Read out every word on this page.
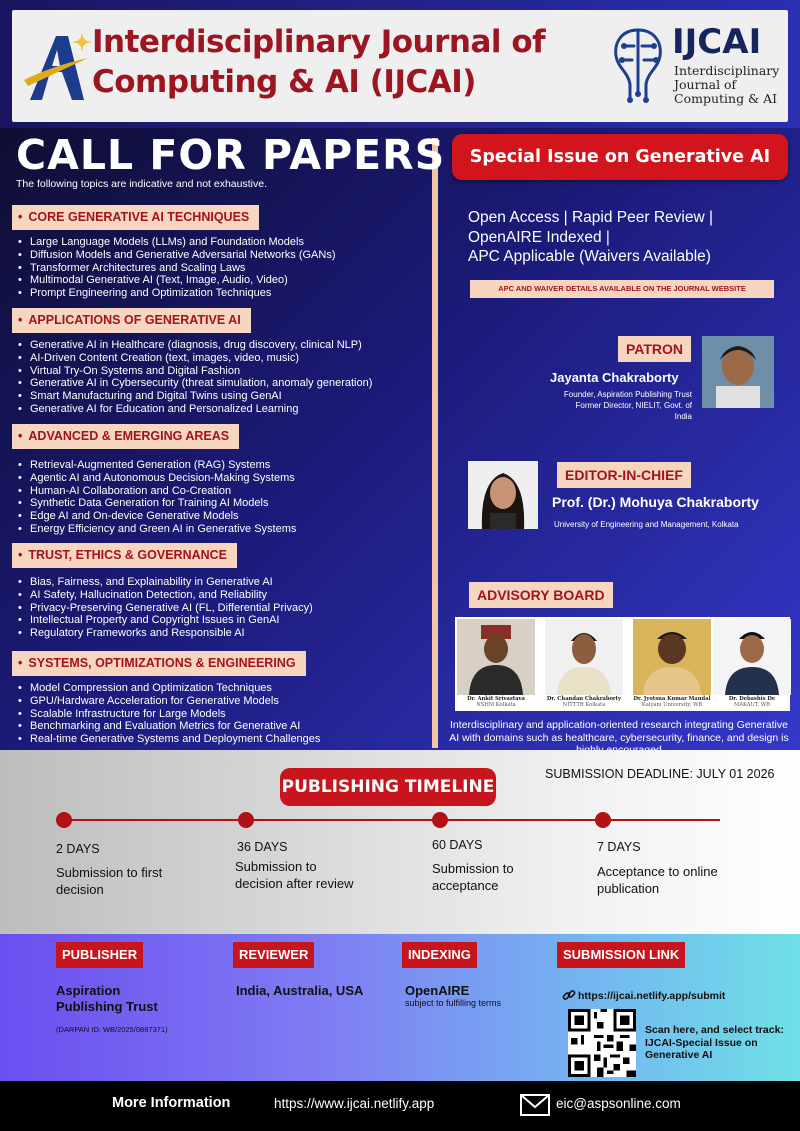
Interdisciplinary Journal of
Computing & AI (IJCAI)
IJCAI
Interdisciplinary Journal of Computing & AI
CALL FOR PAPERS
The following topics are indicative and not exhaustive.
• CORE GENERATIVE AI TECHNIQUES
• Large Language Models (LLMs) and Foundation Models
• Diffusion Models and Generative Adversarial Networks (GANs)
• Transformer Architectures and Scaling Laws
• Multimodal Generative AI (Text, Image, Audio, Video)
• Prompt Engineering and Optimization Techniques
• APPLICATIONS OF GENERATIVE AI
• Generative AI in Healthcare (diagnosis, drug discovery, clinical NLP)
• AI-Driven Content Creation (text, images, video, music)
• Virtual Try-On Systems and Digital Fashion
• Generative AI in Cybersecurity (threat simulation, anomaly generation)
• Smart Manufacturing and Digital Twins using GenAI
• Generative AI for Education and Personalized Learning
• ADVANCED & EMERGING AREAS
• Retrieval-Augmented Generation (RAG) Systems
• Agentic AI and Autonomous Decision-Making Systems
• Human-AI Collaboration and Co-Creation
• Synthetic Data Generation for Training AI Models
• Edge AI and On-device Generative Models
• Energy Efficiency and Green AI in Generative Systems
• TRUST, ETHICS & GOVERNANCE
• Bias, Fairness, and Explainability in Generative AI
• AI Safety, Hallucination Detection, and Reliability
• Privacy-Preserving Generative AI (FL, Differential Privacy)
• Intellectual Property and Copyright Issues in GenAI
• Regulatory Frameworks and Responsible AI
• SYSTEMS, OPTIMIZATIONS & ENGINEERING
• Model Compression and Optimization Techniques
• GPU/Hardware Acceleration for Generative Models
• Scalable Infrastructure for Large Models
• Benchmarking and Evaluation Metrics for Generative AI
• Real-time Generative Systems and Deployment Challenges
Special Issue on Generative AI
Open Access | Rapid Peer Review |
OpenAIRE Indexed |
APC Applicable (Waivers Available)
APC AND WAIVER DETAILS AVAILABLE ON THE JOURNAL WEBSITE
PATRON
Jayanta Chakraborty
Founder, Aspiration Publishing Trust
Former Director, NIELIT, Govt. of India
EDITOR-IN-CHIEF
Prof. (Dr.) Mohuya Chakraborty
University of Engineering and Management, Kolkata
ADVISORY BOARD
Dr. Ankit Srivastava
NSHM Kolkata
Dr. Chandan Chakraborty
NITTTR Kolkata
Dr. Jyotsna Kumar Mandal
Kalyani University, WB
Dr. Debashis De
MAKAUT, WB
Interdisciplinary and application-oriented research integrating Generative AI with domains such as healthcare, cybersecurity, finance, and design is
SUBMISSION DEADLINE: JULY 01 2026
PUBLISHING TIMELINE
2 DAYS
Submission to first decision
36 DAYS
Submission to decision after review
60 DAYS
Submission to acceptance
7 DAYS
Acceptance to online publication
PUBLISHER
Aspiration Publishing Trust
(DARPAN ID: WB/2025/0887371)
REVIEWER
India, Australia, USA
INDEXING
OpenAIRE
subject to fulfilling terms
SUBMISSION LINK
https://ijcai.netlify.app/submit
Scan here, and select track: IJCAI-Special Issue on Generative AI
More Information	https://www.ijcai.netlify.app	eic@aspsonline.com
